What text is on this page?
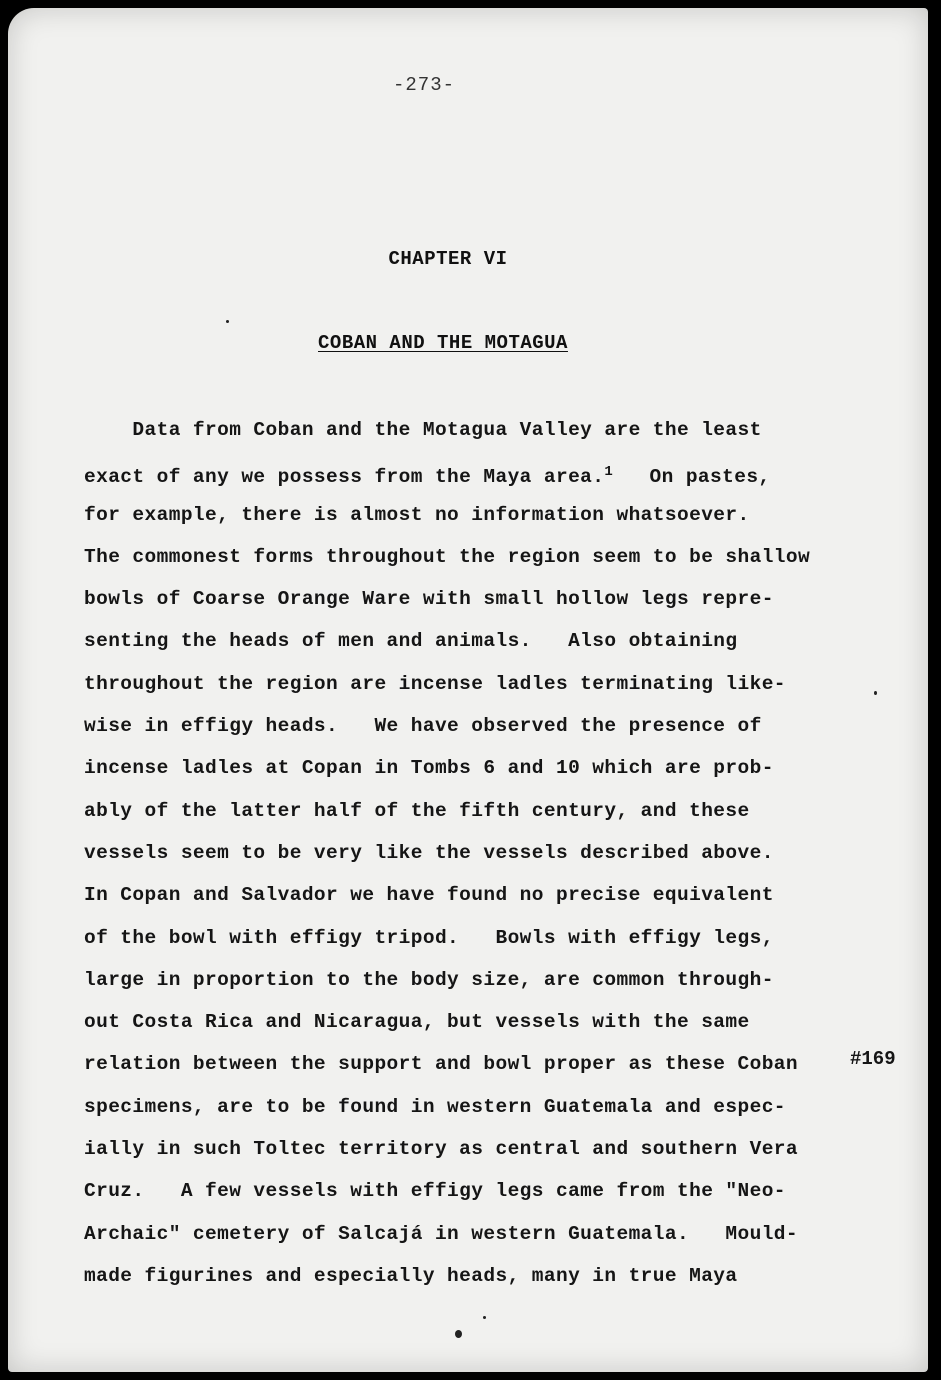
-273-
CHAPTER VI
COBAN AND THE MOTAGUA
Data from Coban and the Motagua Valley are the least
exact of any we possess from the Maya area.$^1$   On pastes,
for example, there is almost no information whatsoever.
The commonest forms throughout the region seem to be shallow
bowls of Coarse Orange Ware with small hollow legs repre-
senting the heads of men and animals.   Also obtaining
throughout the region are incense ladles terminating like-
wise in effigy heads.   We have observed the presence of
incense ladles at Copan in Tombs 6 and 10 which are prob-
ably of the latter half of the fifth century, and these
vessels seem to be very like the vessels described above.
In Copan and Salvador we have found no precise equivalent
of the bowl with effigy tripod.   Bowls with effigy legs,
large in proportion to the body size, are common through-
out Costa Rica and Nicaragua, but vessels with the same
relation between the support and bowl proper as these Coban
specimens, are to be found in western Guatemala and espec-
ially in such Toltec territory as central and southern Vera
Cruz.   A few vessels with effigy legs came from the "Neo-
Archaic" cemetery of Salcajá in western Guatemala.   Mould-
made figurines and especially heads, many in true Maya
#169
